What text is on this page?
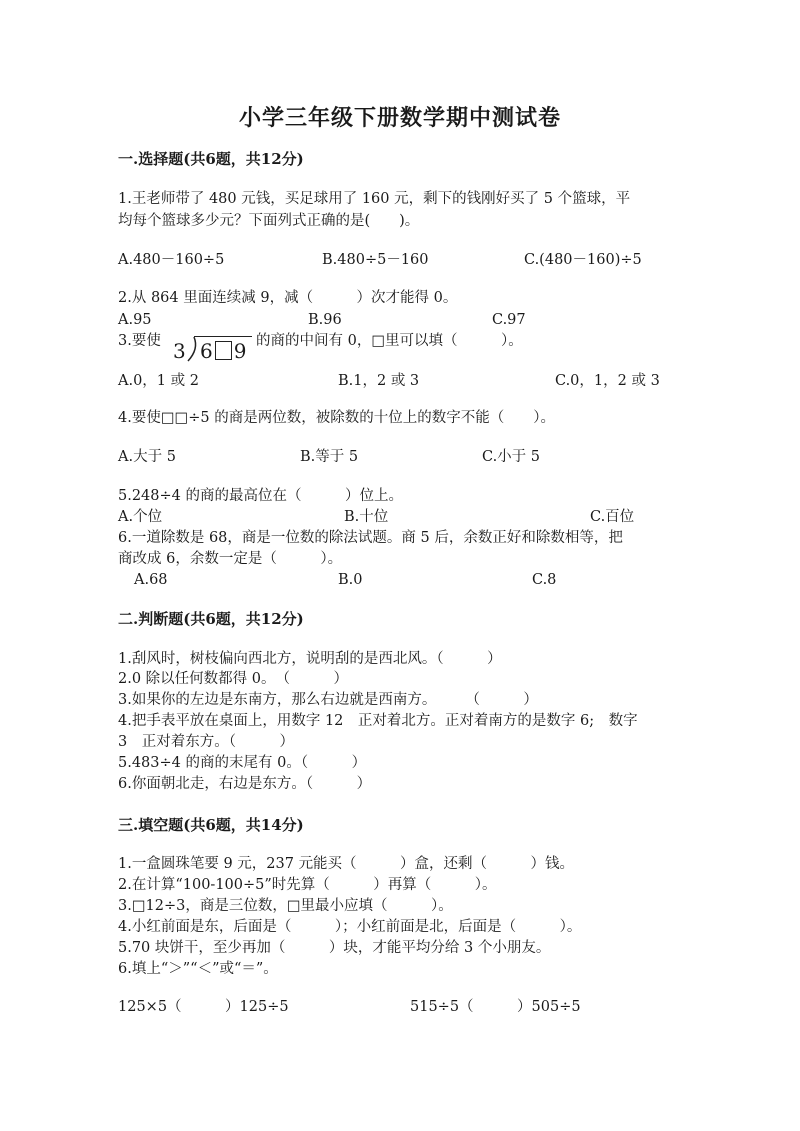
小学三年级下册数学期中测试卷
一.选择题(共6题，共12分)
1.王老师带了 480 元钱，买足球用了 160 元，剩下的钱刚好买了 5 个篮球，平
均每个篮球多少元？下面列式正确的是(　　)。
A.480－160÷5	B.480÷5－160	C.(480－160)÷5
2.从 864 里面连续减 9，减（　　　）次才能得 0。
A.95	B.96	C.97
3.要使 3 6 9 的商的中间有 0，□里可以填（　　　）。
A.0，1 或 2	B.1，2 或 3	C.0，1，2 或 3
4.要使□□÷5 的商是两位数，被除数的十位上的数字不能（　　）。
A.大于 5	B.等于 5	C.小于 5
5.248÷4 的商的最高位在（　　　）位上。
A.个位	B.十位	C.百位
6.一道除数是 68，商是一位数的除法试题。商 5 后，余数正好和除数相等，把
商改成 6，余数一定是（　　　）。
A.68	B.0	C.8
二.判断题(共6题，共12分)
1.刮风时，树枝偏向西北方，说明刮的是西北风。（　　　）
2.0 除以任何数都得 0。　（　　　）
3.如果你的左边是东南方，那么右边就是西南方。　　　（　　　）
4.把手表平放在桌面上，用数字 12　正对着北方。正对着南方的是数字 6;　数字
3　正对着东方。（　　　）
5.483÷4 的商的末尾有 0。（　　　）
6.你面朝北走，右边是东方。（　　　）
三.填空题(共6题，共14分)
1.一盒圆珠笔要 9 元，237 元能买（　　　）盒，还剩（　　　）钱。
2.在计算“100-100÷5”时先算（　　　）再算（　　　）。
3.□12÷3，商是三位数，□里最小应填（　　　）。
4.小红前面是东，后面是（　　　）；小红前面是北，后面是（　　　）。
5.70 块饼干，至少再加（　　　）块，才能平均分给 3 个小朋友。
6.填上“＞”“＜”或“＝”。
125×5（　　　）125÷5	515÷5（　　　）505÷5
